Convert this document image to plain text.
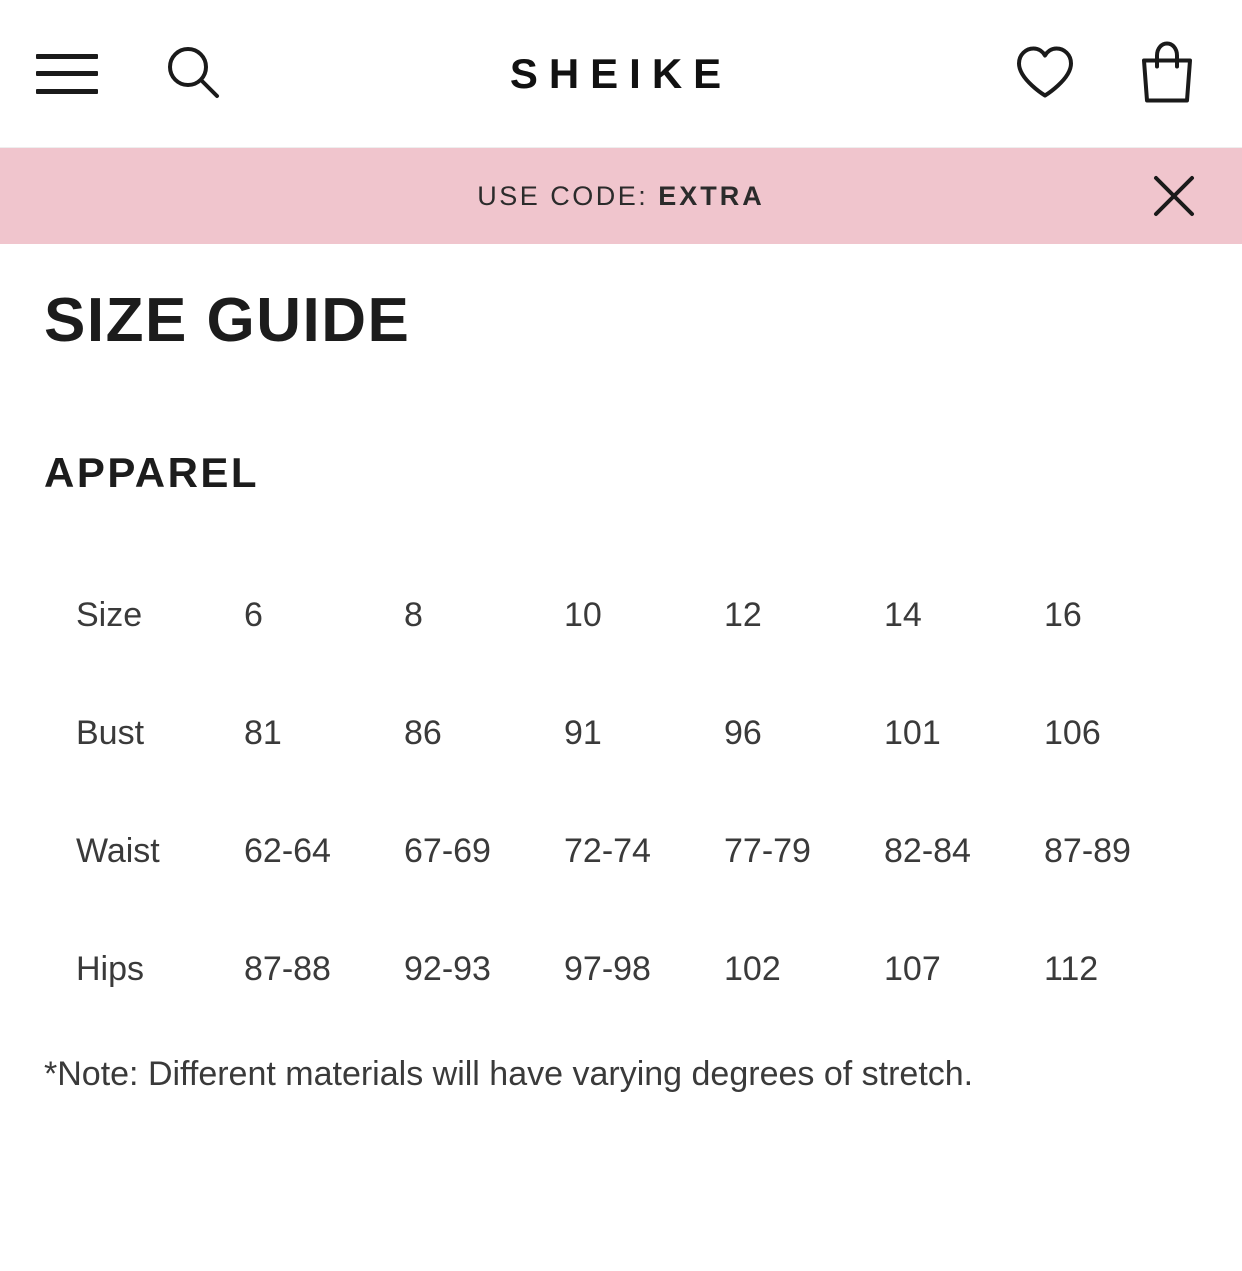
SHEIKE
USE CODE: EXTRA
SIZE GUIDE
APPAREL
Size	6	8	10	12	14	16
Bust	81	86	91	96	101	106
Waist	62-64	67-69	72-74	77-79	82-84	87-89
Hips	87-88	92-93	97-98	102	107	112

*Note: Different materials will have varying degrees of stretch.
